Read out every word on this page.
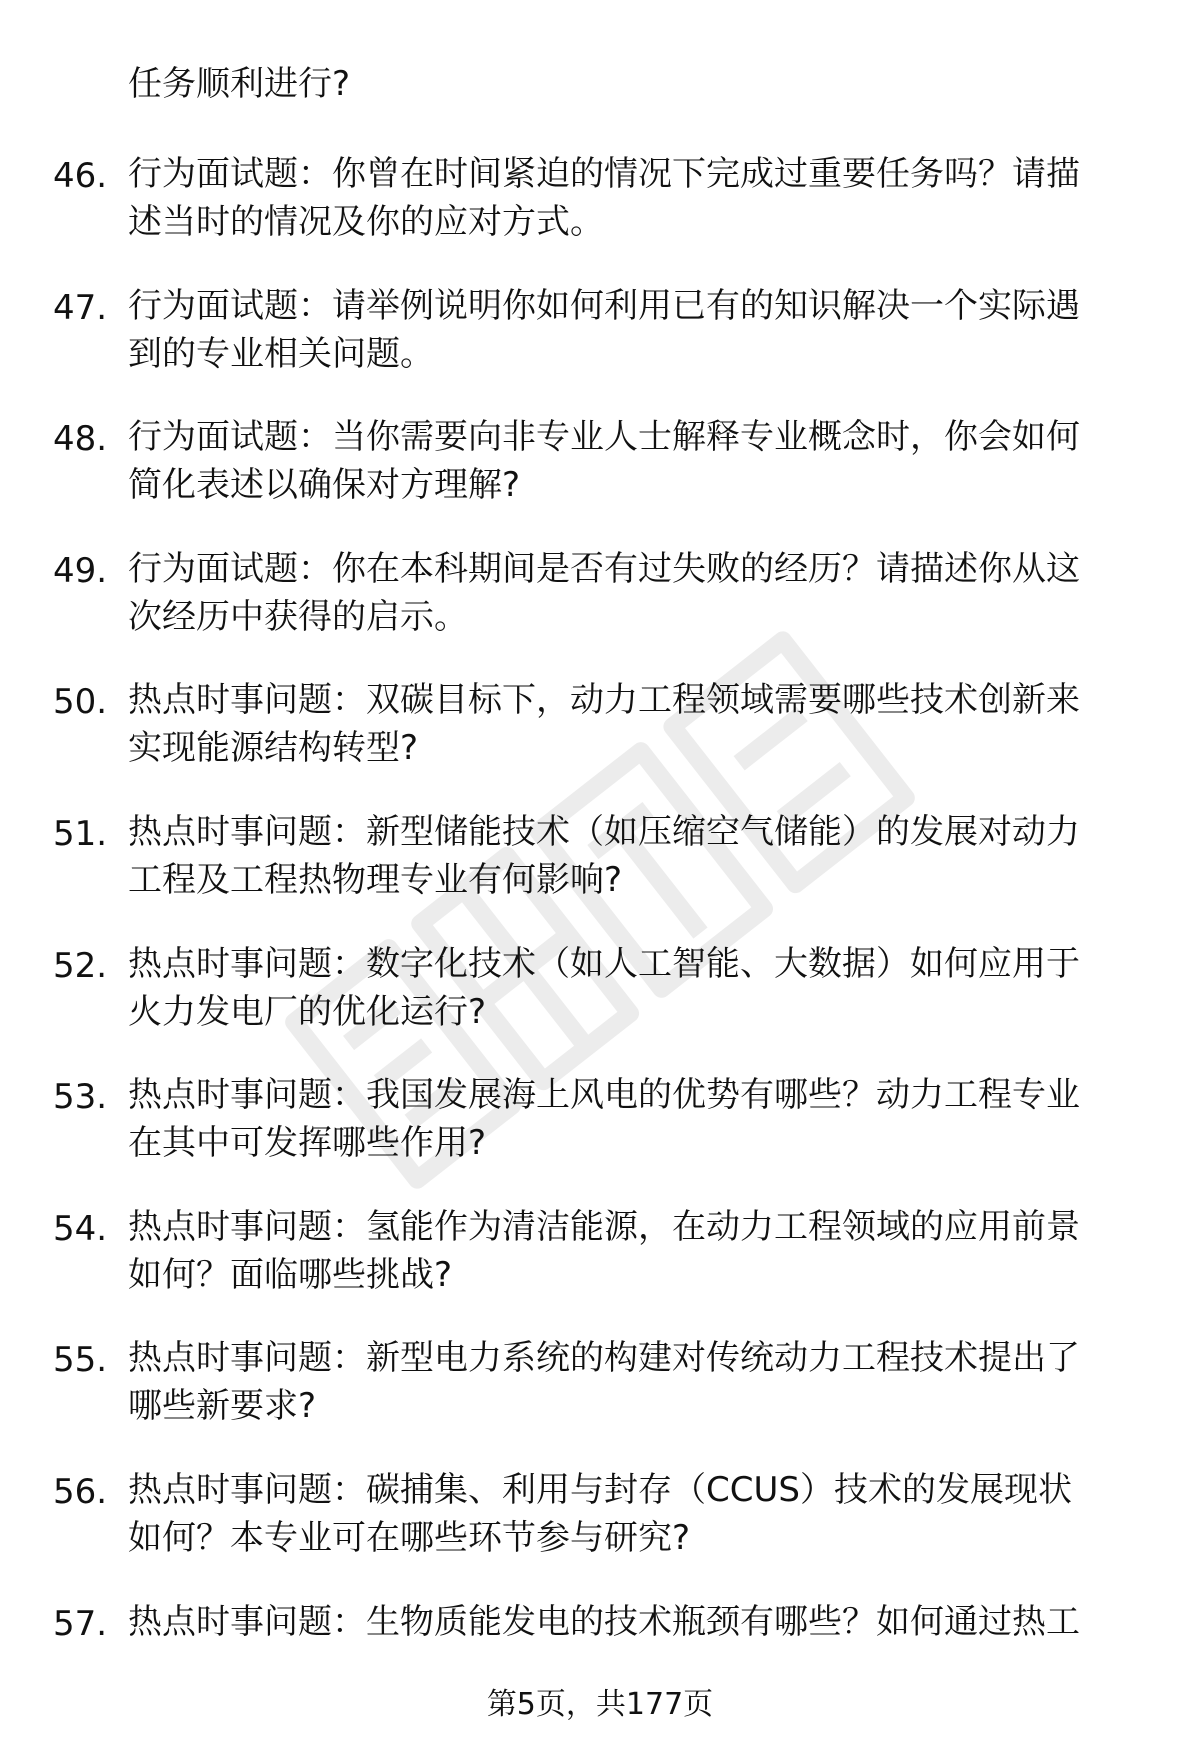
任务顺利进行?
46. 行为面试题：你曾在时间紧迫的情况下完成过重要任务吗？请描
述当时的情况及你的应对方式。
47. 行为面试题：请举例说明你如何利用已有的知识解决一个实际遇
到的专业相关问题。
48. 行为面试题：当你需要向非专业人士解释专业概念时，你会如何
简化表述以确保对方理解?
49. 行为面试题：你在本科期间是否有过失败的经历？请描述你从这
次经历中获得的启示。
50. 热点时事问题：双碳目标下，动力工程领域需要哪些技术创新来
实现能源结构转型?
51. 热点时事问题：新型储能技术（如压缩空气储能）的发展对动力
工程及工程热物理专业有何影响?
52. 热点时事问题：数字化技术（如人工智能、大数据）如何应用于
火力发电厂的优化运行?
53. 热点时事问题：我国发展海上风电的优势有哪些？动力工程专业
在其中可发挥哪些作用?
54. 热点时事问题：氢能作为清洁能源，在动力工程领域的应用前景
如何？面临哪些挑战?
55. 热点时事问题：新型电力系统的构建对传统动力工程技术提出了
哪些新要求?
56. 热点时事问题：碳捕集、利用与封存（CCUS）技术的发展现状
如何？本专业可在哪些环节参与研究?
57. 热点时事问题：生物质能发电的技术瓶颈有哪些？如何通过热工
第5页，共177页
